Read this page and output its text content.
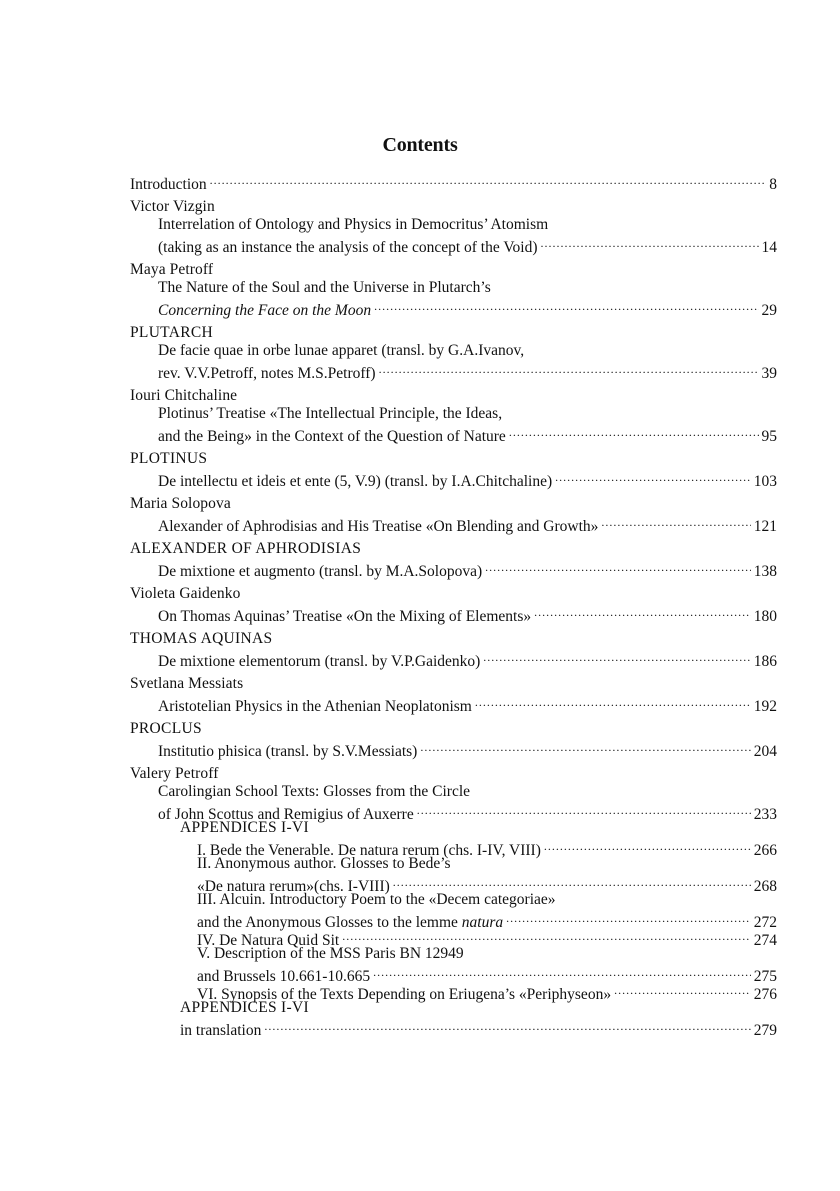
Contents
Introduction .....	8
Victor Vizgin
Interrelation of Ontology and Physics in Democritus’ Atomism
(taking as an instance the analysis of the concept of the Void) .....	14
Maya Petroff
The Nature of the Soul and the Universe in Plutarch’s
Concerning the Face on the Moon .....	29
PLUTARCH
De facie quae in orbe lunae apparet (transl. by G.A.Ivanov,
rev. V.V.Petroff, notes M.S.Petroff) .....	39
Iouri Chitchaline
Plotinus’ Treatise «The Intellectual Principle, the Ideas,
and the Being» in the Context of the Question of Nature .....	95
PLOTINUS
De intellectu et ideis et ente (5, V.9) (transl. by I.A.Chitchaline) .....	103
Maria Solopova
Alexander of Aphrodisias and His Treatise «On Blending and Growth» .....	121
ALEXANDER OF APHRODISIAS
De mixtione et augmento (transl. by M.A.Solopova) .....	138
Violeta Gaidenko
On Thomas Aquinas’ Treatise «On the Mixing of Elements» .....	180
THOMAS AQUINAS
De mixtione elementorum (transl. by V.P.Gaidenko) .....	186
Svetlana Messiats
Aristotelian Physics in the Athenian Neoplatonism .....	192
PROCLUS
Institutio phisica (transl. by S.V.Messiats) .....	204
Valery Petroff
Carolingian School Texts: Glosses from the Circle
of John Scottus and Remigius of Auxerre .....	233
APPENDICES I-VI
I. Bede the Venerable. De natura rerum (chs. I-IV, VIII) .....	266
II. Anonymous author. Glosses to Bede’s
«De natura rerum»(chs. I-VIII) .....	268
III. Alcuin. Introductory Poem to the «Decem categoriae»
and the Anonymous Glosses to the lemme natura .....	272
IV. De Natura Quid Sit .....	274
V. Description of the MSS Paris BN 12949
and Brussels 10.661-10.665 .....	275
VI. Synopsis of the Texts Depending on Eriugena’s «Periphyseon» .....	276
APPENDICES I-VI
in translation .....	279
